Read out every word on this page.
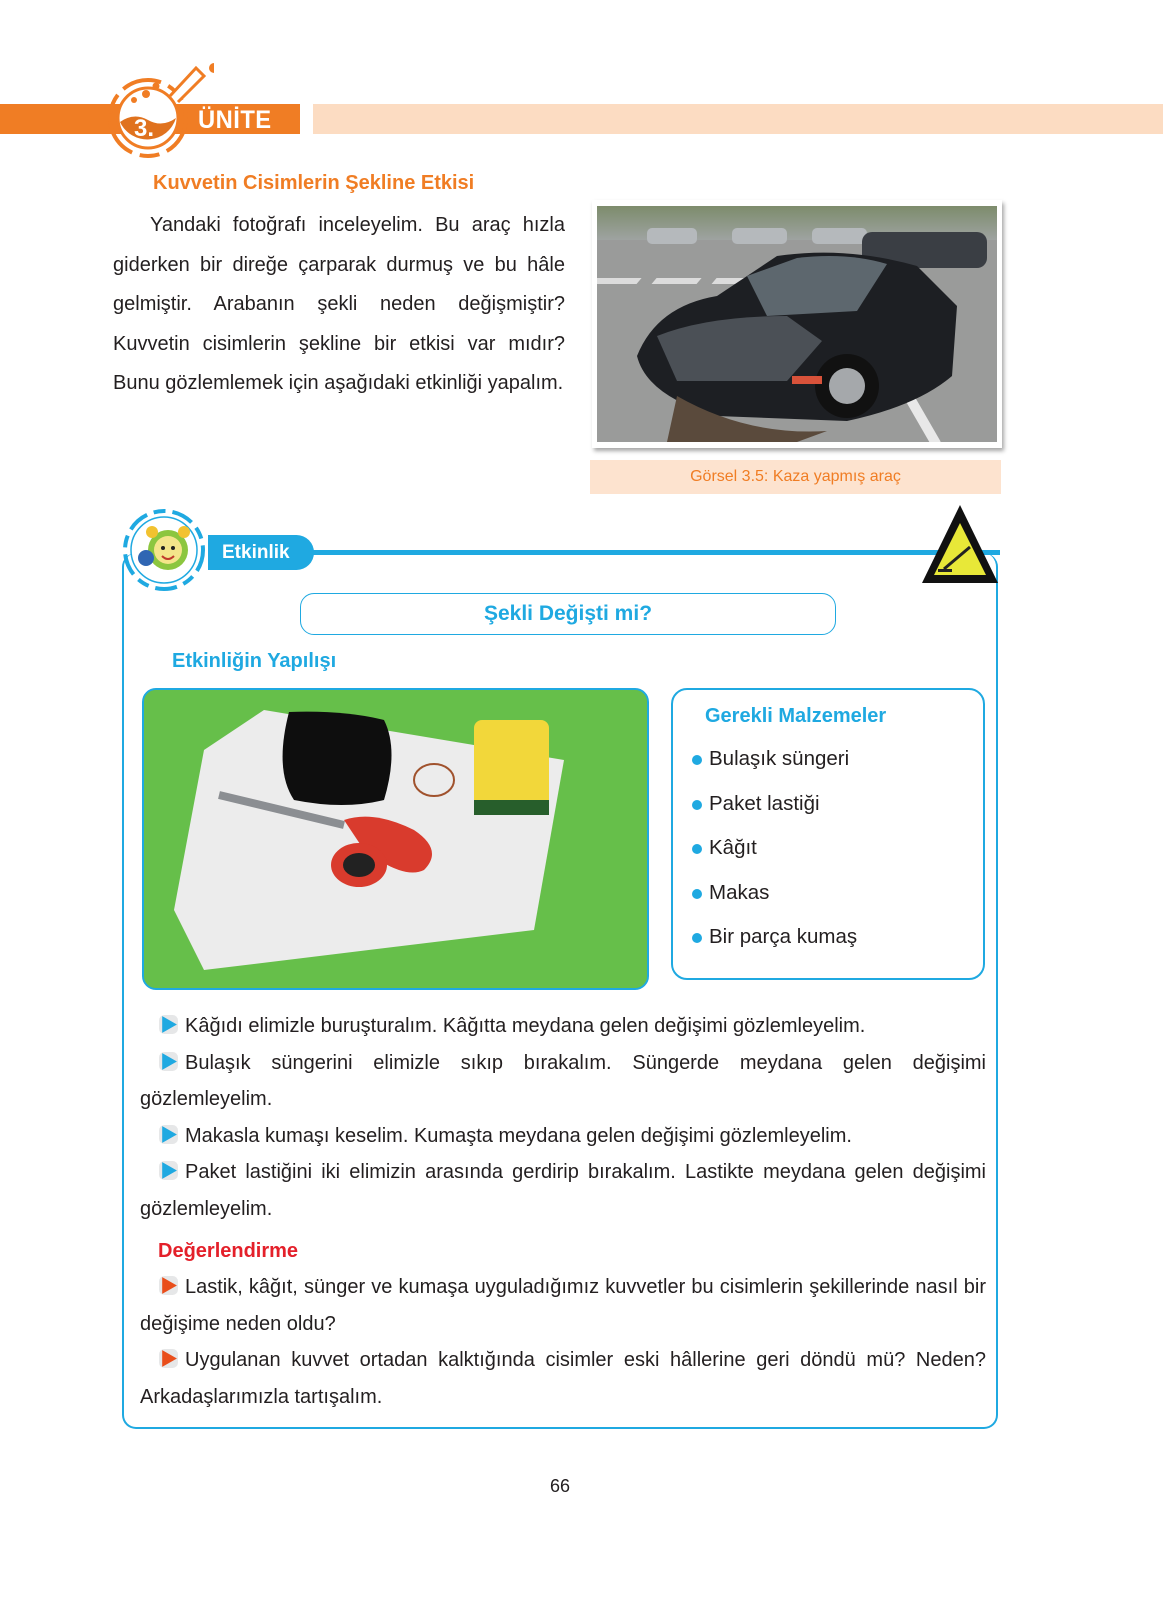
3. ÜNİTE
Kuvvetin Cisimlerin Şekline Etkisi

Yandaki fotoğrafı inceleyelim. Bu araç hızla giderken bir direğe çarparak durmuş ve bu hâle gelmiştir. Arabanın şekli neden değişmiştir? Kuvvetin cisimlerin şekline bir etkisi var mıdır? Bunu gözlemlemek için aşağıdaki etkinliği yapalım.

Görsel 3.5: Kaza yapmış araç
Etkinlik
Şekli Değişti mi?
Etkinliğin Yapılışı
Gerekli Malzemeler
Bulaşık süngeri
Paket lastiği
Kâğıt
Makas
Bir parça kumaş

Kâğıdı elimizle buruşturalım. Kâğıtta meydana gelen değişimi gözlemleyelim.

Bulaşık süngerini elimizle sıkıp bırakalım. Süngerde meydana gelen değişimi gözlemleyelim.

Makasla kumaşı keselim. Kumaşta meydana gelen değişimi gözlemleyelim.

Paket lastiğini iki elimizin arasında gerdirip bırakalım. Lastikte meydana gelen değişimi gözlemleyelim.

Değerlendirme

Lastik, kâğıt, sünger ve kumaşa uyguladığımız kuvvetler bu cisimlerin şekillerinde nasıl bir değişime neden oldu?

Uygulanan kuvvet ortadan kalktığında cisimler eski hâllerine geri döndü mü? Neden? Arkadaşlarımızla tartışalım.

66
